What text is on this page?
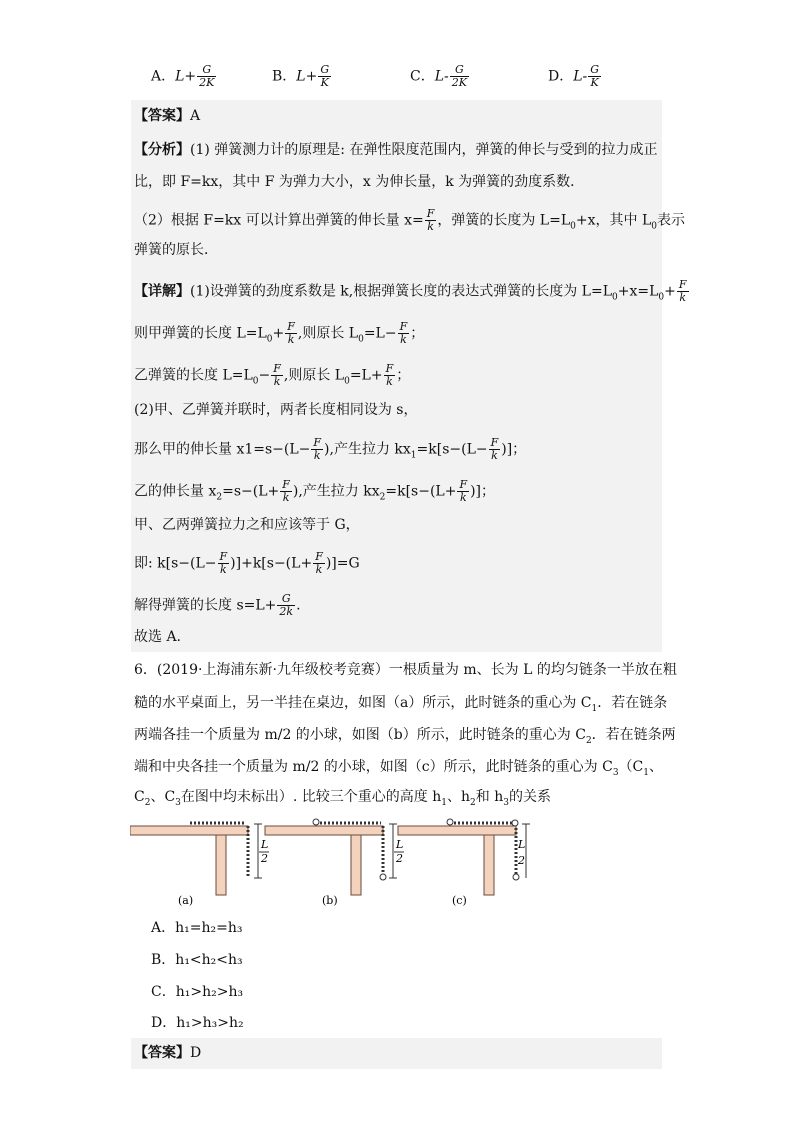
A．$L+ \frac{G}{2K}$	B．$L+ \frac{G}{K}$	C．$L- \frac{G}{2K}$	D．$L- \frac{G}{K}$
【答案】A
【分析】(1) 弹簧测力计的原理是: 在弹性限度范围内，弹簧的伸长与受到的拉力成正
比，即 F=kx，其中 F 为弹力大小，x 为伸长量，k 为弹簧的劲度系数．
（2）根据 F=kx 可以计算出弹簧的伸长量 $x= \frac{F}{k}$ ，弹簧的长度为 $L=L_0+x$，其中 $L_0$表示
弹簧的原长．
【详解】(1)设弹簧的劲度系数是 k,根据弹簧长度的表达式弹簧的长度为 $L=L_0+x=L_0+ \frac{F}{k}$
则甲弹簧的长度 $L=L_0+ \frac{F}{k}$ ,则原长 $L_0=L- \frac{F}{k}$ ；
乙弹簧的长度 $L=L_0- \frac{F}{k}$ ,则原长 $L_0=L+ \frac{F}{k}$ ；
(2)甲、乙弹簧并联时，两者长度相同设为 s，
那么甲的伸长量 $x1=s-(L- \frac{F}{k}$ ),产生拉力 $kx_1=k[s-(L- \frac{F}{k}$ )]；
乙的伸长量 $x_2=s-(L+ \frac{F}{k}$ ),产生拉力 $kx_2=k[s-(L+ \frac{F}{k}$ )]；
甲、乙两弹簧拉力之和应该等于 G，
即: $k[s-(L- \frac{F}{k} )]+k[s-(L+ \frac{F}{k} )]=G$
解得弹簧的长度 $s=L+ \frac{G}{2k}$ .
故选 A.
6．(2019·上海浦东新·九年级校考竞赛）一根质量为 m、长为 L 的均匀链条一半放在粗
糙的水平桌面上，另一半挂在桌边，如图（a）所示，此时链条的重心为 $C_1$．若在链条
两端各挂一个质量为 m/2 的小球，如图（b）所示，此时链条的重心为 $C_2$．若在链条两
端和中央各挂一个质量为 m/2 的小球，如图（c）所示，此时链条的重心为 $C_3(C_1$、
$C_2$、$C_3$在图中均未标出）. 比较三个重心的高度 $h_1$、$h_2$和 $h_3$的关系
L
2
(a)
L
2
(b)
L
2
(c)
A．h₁=h₂=h₃
B．h₁<h₂<h₃
C．h₁>h₂>h₃
D．h₁>h₃>h₂
【答案】D
